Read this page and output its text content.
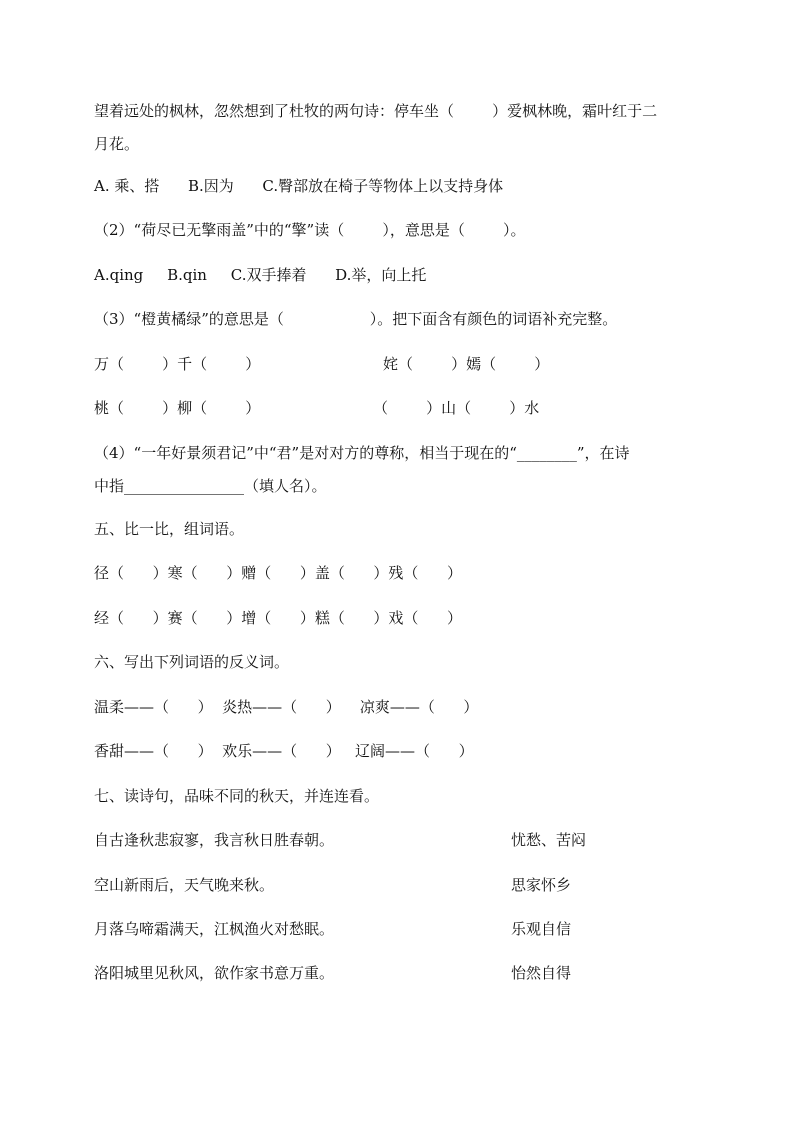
望着远处的枫林，忽然想到了杜牧的两句诗：停车坐（        ）爱枫林晚，霜叶红于二
月花。
A. 乘、搭      B.因为      C.臀部放在椅子等物体上以支持身体
（2）“荷尽已无擎雨盖”中的“擎”读（        ），意思是（        ）。
A.qing     B.qin     C.双手捧着      D.举，向上托
（3）“橙黄橘绿”的意思是（                  ）。把下面含有颜色的词语补充完整。
万（        ）千（        ）	姹（        ）嫣（        ）
桃（        ）柳（        ）	（        ）山（        ）水
（4）“一年好景须君记”中“君”是对对方的尊称，相当于现在的“________”，在诗
中指________________（填人名）。
五、比一比，组词语。
径（      ）寒（      ）赠（      ）盖（      ）残（      ）
经（      ）赛（      ）增（      ）糕（      ）戏（      ）
六、写出下列词语的反义词。
温柔——（      ）  炎热——（      ）    凉爽——（      ）
香甜——（      ）  欢乐——（      ）   辽阔——（      ）
七、读诗句，品味不同的秋天，并连连看。
自古逢秋悲寂寥，我言秋日胜春朝。	忧愁、苦闷
空山新雨后，天气晚来秋。	思家怀乡
月落乌啼霜满天，江枫渔火对愁眠。	乐观自信
洛阳城里见秋风，欲作家书意万重。	怡然自得
